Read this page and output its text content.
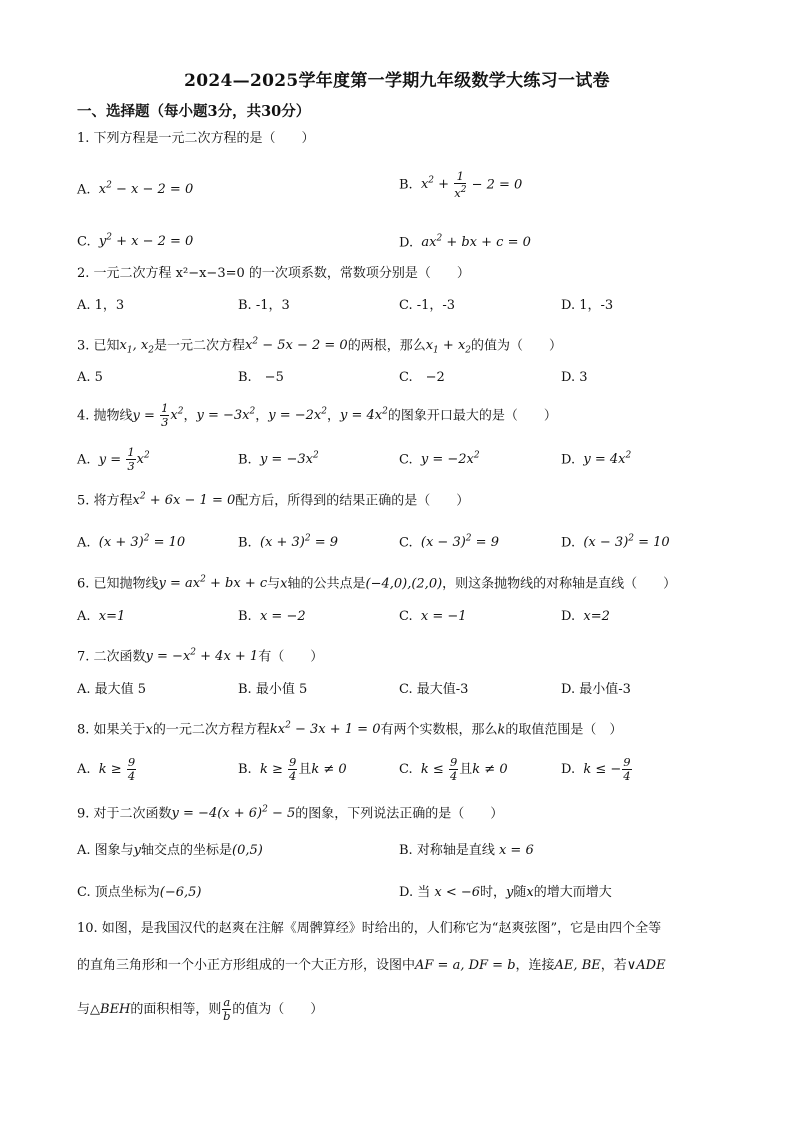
2024—2025学年度第一学期九年级数学大练习一试卷
一、选择题（每小题3分，共30分）
1. 下列方程是一元二次方程的是（　　）
A.  $x^2 - x - 2 = 0$	B.  $x^2 + \frac{1}{x^2} - 2 = 0$
C.  $y^2 + x - 2 = 0$	D.  $ax^2$ + bx + c = 0
2. 一元二次方程 x²−x−3=0 的一次项系数，常数项分别是（　　）
A. 1，3	B. -1，3	C. -1，-3	D. 1，-3
3. 已知$x_1$, $x_2$是一元二次方程$x^2 - 5x - 2 = 0$的两根，那么$x_1 + x_2$的值为（　　）
A. 5	B.　−5	C.　−2	D. 3
4. 抛物线$y = \frac{1}{3} x^2$，$y = -3x^2$，$y = -2x^2$，$y = 4x^2$的图象开口最大的是（　　）
A.  $y = \frac{1}{3} x^2$	B.  $y = -3x^2$	C.  $y = -2x^2$	D.  $y = 4x^2$
5. 将方程$x^2 + 6x - 1 = 0$配方后，所得到的结果正确的是（　　）
A.  $(x + 3)^2 = 10$	B.  $(x + 3)^2 = 9$	C.  $(x - 3)^2 = 9$	D.  $(x - 3)^2 = 10$
6. 已知抛物线$y = ax^2$ + bx + c与x轴的公共点是(−4,0),(2,0)，则这条抛物线的对称轴是直线（　　）
A.  x=1	B.  x = −2	C.  x = −1	D.  x=2
7. 二次函数$y = -x^2 + 4x + 1$有（　　）
A. 最大值 5	B. 最小值 5	C. 最大值-3	D. 最小值-3
8. 如果关于x的一元二次方程方程$kx^2 - 3x + 1 = 0$有两个实数根，那么k的取值范围是（　）
A.  $k \ge \frac{9}{4}$	B.  $k \ge \frac{9}{4}$ 且k ≠ 0	C.  $k \le \frac{9}{4}$ 且k ≠ 0	D.  k ≤ − $\frac{9}{4}$
9. 对于二次函数$y = -4(x + 6)^2 - 5$的图象，下列说法正确的是（　　）
A. 图象与y轴交点的坐标是(0,5)	B. 对称轴是直线 x = 6
C. 顶点坐标为(−6,5)	D. 当 x < −6时，y随x的增大而增大
10. 如图，是我国汉代的赵爽在注解《周髀算经》时给出的，人们称它为“赵爽弦图”，它是由四个全等
的直角三角形和一个小正方形组成的一个大正方形，设图中AF = a, DF = b，连接AE, BE，若∨ADE
与△BEH的面积相等，则 $\frac{a}{b}$ 的值为（　　）
